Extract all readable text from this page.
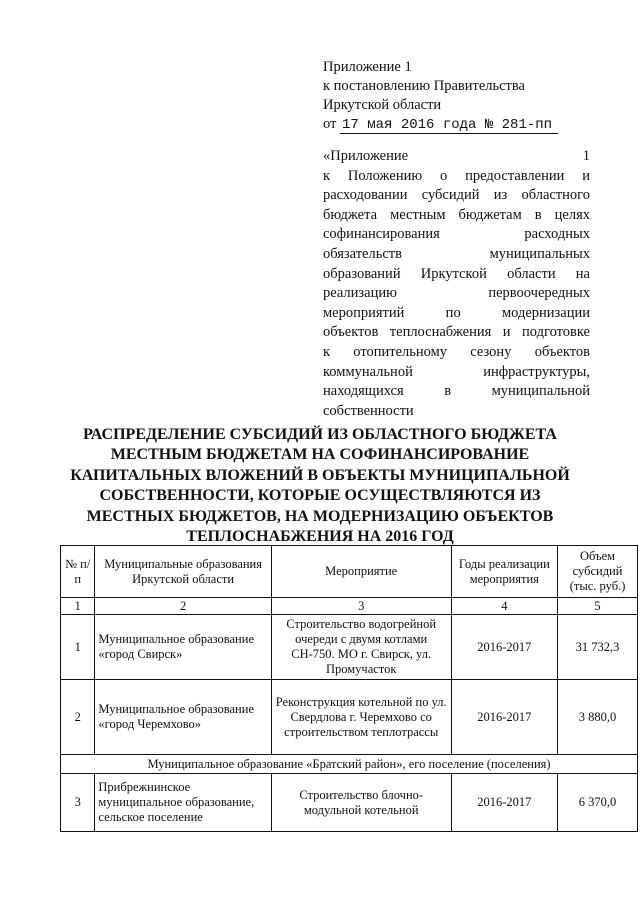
Приложение 1
к постановлению Правительства
Иркутской области
от 17 мая 2016 года № 281-пп
«Приложение 1
к Положению о предоставлении и
расходовании субсидий из областного
бюджета местным бюджетам в целях
софинансирования расходных
обязательств муниципальных
образований Иркутской области на
реализацию первоочередных
мероприятий по модернизации
объектов теплоснабжения и подготовке
к отопительному сезону объектов
коммунальной инфраструктуры,
находящихся в муниципальной
собственности
РАСПРЕДЕЛЕНИЕ СУБСИДИЙ ИЗ ОБЛАСТНОГО БЮДЖЕТА
МЕСТНЫМ БЮДЖЕТАМ НА СОФИНАНСИРОВАНИЕ
КАПИТАЛЬНЫХ ВЛОЖЕНИЙ В ОБЪЕКТЫ МУНИЦИПАЛЬНОЙ
СОБСТВЕННОСТИ, КОТОРЫЕ ОСУЩЕСТВЛЯЮТСЯ ИЗ
МЕСТНЫХ БЮДЖЕТОВ, НА МОДЕРНИЗАЦИЮ ОБЪЕКТОВ
ТЕПЛОСНАБЖЕНИЯ НА 2016 ГОД
№ п/п	Муниципальные образования Иркутской области	Мероприятие	Годы реализации мероприятия	Объем субсидий (тыс. руб.)
1	2	3	4	5
1	Муниципальное образование «город Свирск»	Строительство водогрейной очереди с двумя котлами СН-750. МО г. Свирск, ул. Промучасток	2016-2017	31 732,3
2	Муниципальное образование «город Черемхово»	Реконструкция котельной по ул. Свердлова г. Черемхово со строительством теплотрассы	2016-2017	3 880,0
Муниципальное образование «Братский район», его поселение (поселения)				
3	Прибрежнинское муниципальное образование, сельское поселение	Строительство блочно-модульной котельной	2016-2017	6 370,0
